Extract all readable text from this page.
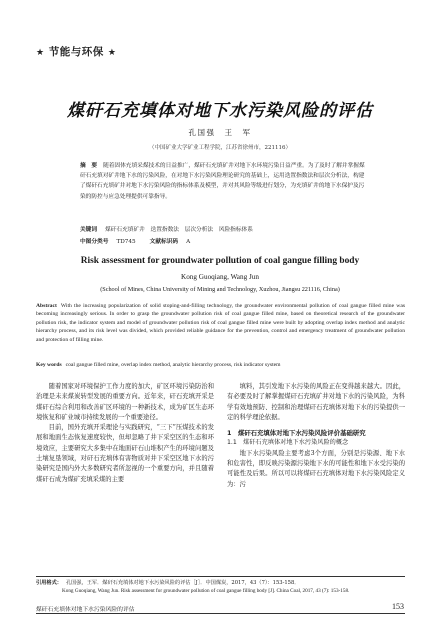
★ 节能与环保 ★
煤矸石充填体对地下水污染风险的评估
孔国强　王　军
（中国矿业大学矿业工程学院，江苏省徐州市，221116）
摘　要 随着固体充填采煤技术的日益推广，煤矸石充填矿井对地下水环境污染日益严重。为了及时了解并掌握煤矸石充填对矿井地下水的污染风险，在对地下水污染风险理论研究的基础上，运用迭置指数法和层次分析法，构建了煤矸石充填矿井对地下水污染风险的指标体系及模型，并对其风险等级进行划分，为充填矿井的地下水保护及污染的防控与应急处理提供可靠指导。
关键词 煤矸石充填矿井　迭置指数法　层次分析法　风险指标体系
中图分类号 TD745 文献标识码 A
Risk assessment for groundwater pollution of coal gangue filling body
Kong Guoqiang, Wang Jun
(School of Mines, China University of Mining and Technology, Xuzhou, Jiangsu 221116, China)
Abstract With the increasing popularization of solid stoping-and-filling technology, the groundwater environmental pollution of coal gangue filled mine was becoming increasingly serious. In order to grasp the groundwater pollution risk of coal gangue filled mine, based on theoretical research of the groundwater pollution risk, the indicator system and model of groundwater pollution risk of coal gangue filled mine were built by adopting overlap index method and analytic hierarchy process, and its risk level was divided, which provided reliable guidance for the prevention, control and emergency treatment of groundwater pollution and protection of filling mine.
Key words coal gangue filled mine, overlap index method, analytic hierarchy process, risk indicator system

随着国家对环境保护工作力度的加大，矿区环境污染防治和治理是未来煤炭转型发展的重要方向。近年来，矸石充填开采是煤矸石综合利用和改善矿区环境的一种新技术，成为矿区生态环境恢复和矿业城市持续发展的一个重要途径。

目前，国外充填开采理论与实践研究，“三下”压煤技术的发展和地面生态恢复速度较快，但却忽略了井下采空区的生态和环境效应，主要研究大多集中在地面矸石山堆积产生的环境问题及土壤复垦领域，对矸石充填体有害物质对井下采空区地下水的污染研究是国内外大多数研究者所忽视的一个重要方向，并且随着煤矸石成为煤矿充填采煤的主要

填料，其引发地下水污染的风险正在变得越来越大。因此，有必要及时了解掌握煤矸石充填矿井对地下水的污染风险，为科学有效地预防、控制和治理煤矸石充填体对地下水的污染提供一定的科学理论依据。

1　煤矸石充填体对地下水污染风险评价基础研究
1.1　煤矸石充填体对地下水污染风险的概念

地下水污染风险主要考虑3个方面，分别是污染源、地下水和危害性，即反映污染源污染地下水的可能性和地下水受污染的可能性及后果。所以可以将煤矸石充填体对地下水污染风险定义为：污

引用格式： 孔国强，王军．煤矸石充填体对地下水污染风险的评估［J］．中国煤炭，2017，43（7）：153-158．
Kong Guoqiang, Wang Jun. Risk assessment for groundwater pollution of coal gangue filling body [J]. China Coal, 2017, 43 (7): 153-158.
煤矸石充填体对地下水污染风险的评估	153
